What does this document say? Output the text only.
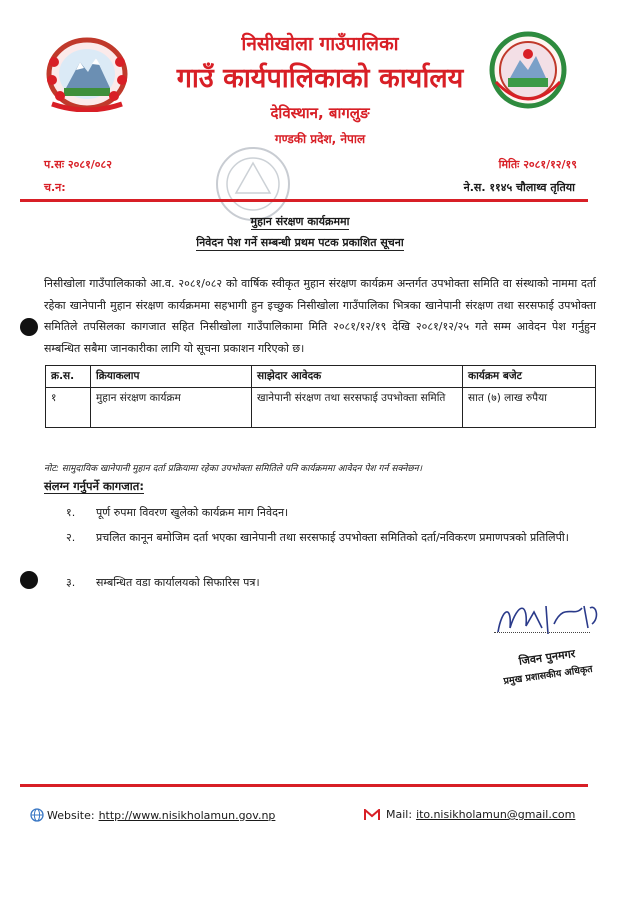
निसीखोला गाउँपालिका
गाउँ कार्यपालिकाको कार्यालय
देविस्थान, बागलुङ
गण्डकी प्रदेश, नेपाल
प.सः २०८१/०८२
च.न:
मितिः २०८१/१२/१९
ने.स. ११४५ चौलाथ्व तृतिया
मुहान संरक्षण कार्यक्रममा
निवेदन पेश गर्ने सम्बन्धी प्रथम पटक प्रकाशित सूचना
निसीखोला गाउँपालिकाको आ.व. २०८१/०८२ को वार्षिक स्वीकृत मुहान संरक्षण कार्यक्रम अन्तर्गत उपभोक्ता समिति वा संस्थाको नाममा दर्ता रहेका खानेपानी मुहान संरक्षण कार्यक्रममा सहभागी हुन इच्छुक निसीखोला गाउँपालिका भित्रका खानेपानी संरक्षण तथा सरसफाई उपभोक्ता समितिले तपसिलका कागजात सहित निसीखोला गाउँपालिकामा मिति २०८१/१२/१९ देखि २०८१/१२/२५ गते सम्म आवेदन पेश गर्नुहुन सम्बन्धित सबैमा जानकारीका लागि यो सूचना प्रकाशन गरिएको छ।
क्र.स.	क्रियाकलाप	साझेदार आवेदक	कार्यक्रम बजेट
१	मुहान संरक्षण कार्यक्रम	खानेपानी संरक्षण तथा सरसफाई उपभोक्ता समिति	सात (७) लाख रुपैया
नोट: सामुदायिक खानेपानी मुहान दर्ता प्रक्रियामा रहेका उपभोक्ता समितिले पनि कार्यक्रममा आवेदन पेश गर्न सक्नेछन।
संलग्न गर्नुपर्ने कागजात:
१.	पूर्ण रुपमा विवरण खुलेको कार्यक्रम माग निवेदन।
२.	प्रचलित कानून बमोजिम दर्ता भएका खानेपानी तथा सरसफाई उपभोक्ता समितिको दर्ता/नविकरण प्रमाणपत्रको प्रतिलिपी।
३.	सम्बन्धित वडा कार्यालयको सिफारिस पत्र।
जिवन पुनमगर
प्रमुख प्रशासकीय अधिकृत
Website: http://www.nisikholamun.gov.np	Mail: ito.nisikholamun@gmail.com
